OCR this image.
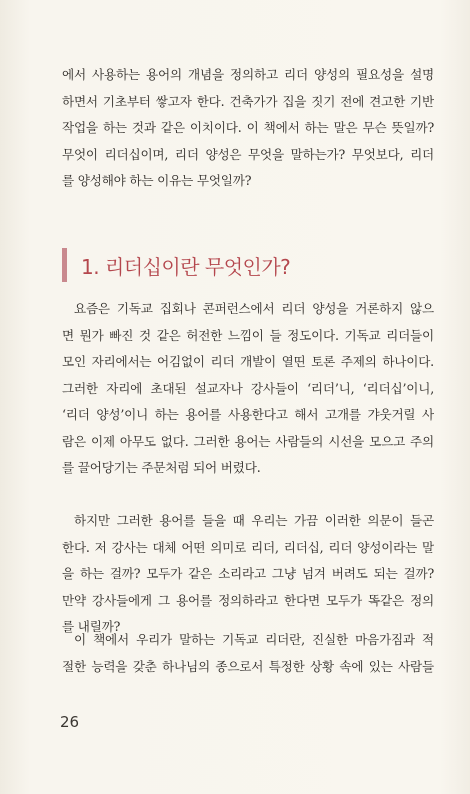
에서 사용하는 용어의 개념을 정의하고 리더 양성의 필요성을 설명
하면서 기초부터 쌓고자 한다. 건축가가 집을 짓기 전에 견고한 기반
작업을 하는 것과 같은 이치이다. 이 책에서 하는 말은 무슨 뜻일까?
무엇이 리더십이며, 리더 양성은 무엇을 말하는가? 무엇보다, 리더
를 양성해야 하는 이유는 무엇일까?
1. 리더십이란 무엇인가?
요즘은 기독교 집회나 콘퍼런스에서 리더 양성을 거론하지 않으
면 뭔가 빠진 것 같은 허전한 느낌이 들 정도이다. 기독교 리더들이
모인 자리에서는 어김없이 리더 개발이 열띤 토론 주제의 하나이다.
그러한 자리에 초대된 설교자나 강사들이 ‘리더’니, ‘리더십’이니,
‘리더 양성’이니 하는 용어를 사용한다고 해서 고개를 갸웃거릴 사
람은 이제 아무도 없다. 그러한 용어는 사람들의 시선을 모으고 주의
를 끌어당기는 주문처럼 되어 버렸다.
하지만 그러한 용어를 들을 때 우리는 가끔 이러한 의문이 들곤
한다. 저 강사는 대체 어떤 의미로 리더, 리더십, 리더 양성이라는 말
을 하는 걸까? 모두가 같은 소리라고 그냥 넘겨 버려도 되는 걸까?
만약 강사들에게 그 용어를 정의하라고 한다면 모두가 똑같은 정의
를 내릴까?
이 책에서 우리가 말하는 기독교 리더란, 진실한 마음가짐과 적
절한 능력을 갖춘 하나님의 종으로서 특정한 상황 속에 있는 사람들
26
